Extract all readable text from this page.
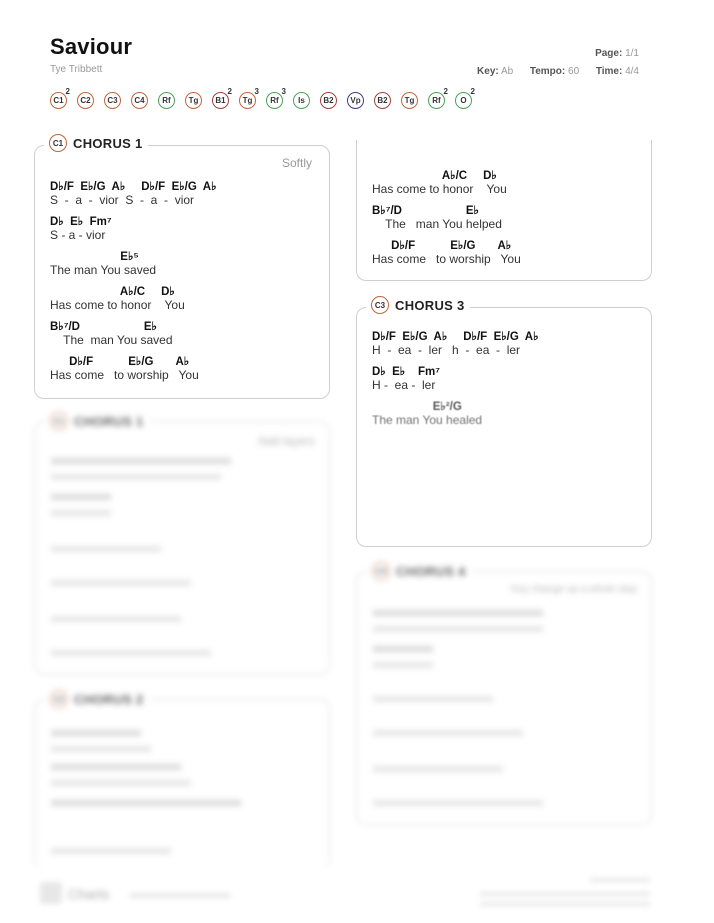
Saviour
Tye Tribbett
Page: 1/1
Key: Ab Tempo: 60 Time: 4/4
C1
2
C2 C3 C4 Rf Tg B1
2
Tg
3
Rf
3
Is B2 Vp B2 Tg Rf
2
O
2
C1 CHORUS 1
Softly
D♭/F  E♭/G  A♭     D♭/F  E♭/G  A♭
S  -  a  -  vior  S  -  a  -  vior
D♭  E♭  Fm⁷
S - a - vior
E♭⁵
The man You saved
A♭/C     D♭
Has come to honor    You
B♭⁷/D                    E♭
The  man You saved
D♭/F           E♭/G       A♭
Has come   to worship   You
A♭/C     D♭
Has come to honor    You
B♭⁷/D                    E♭
The   man You helped
D♭/F           E♭/G       A♭
Has come   to worship   You
C3 CHORUS 3
D♭/F  E♭/G  A♭     D♭/F  E♭/G  A♭
H  -  ea  -  ler   h  -  ea  -  ler
D♭  E♭    Fm⁷
H -  ea -  ler
E♭²/G
The man You healed
C1 CHORUS 1
Add layers
C2 CHORUS 2
C4 CHORUS 4
Key change up a whole step
Charts
